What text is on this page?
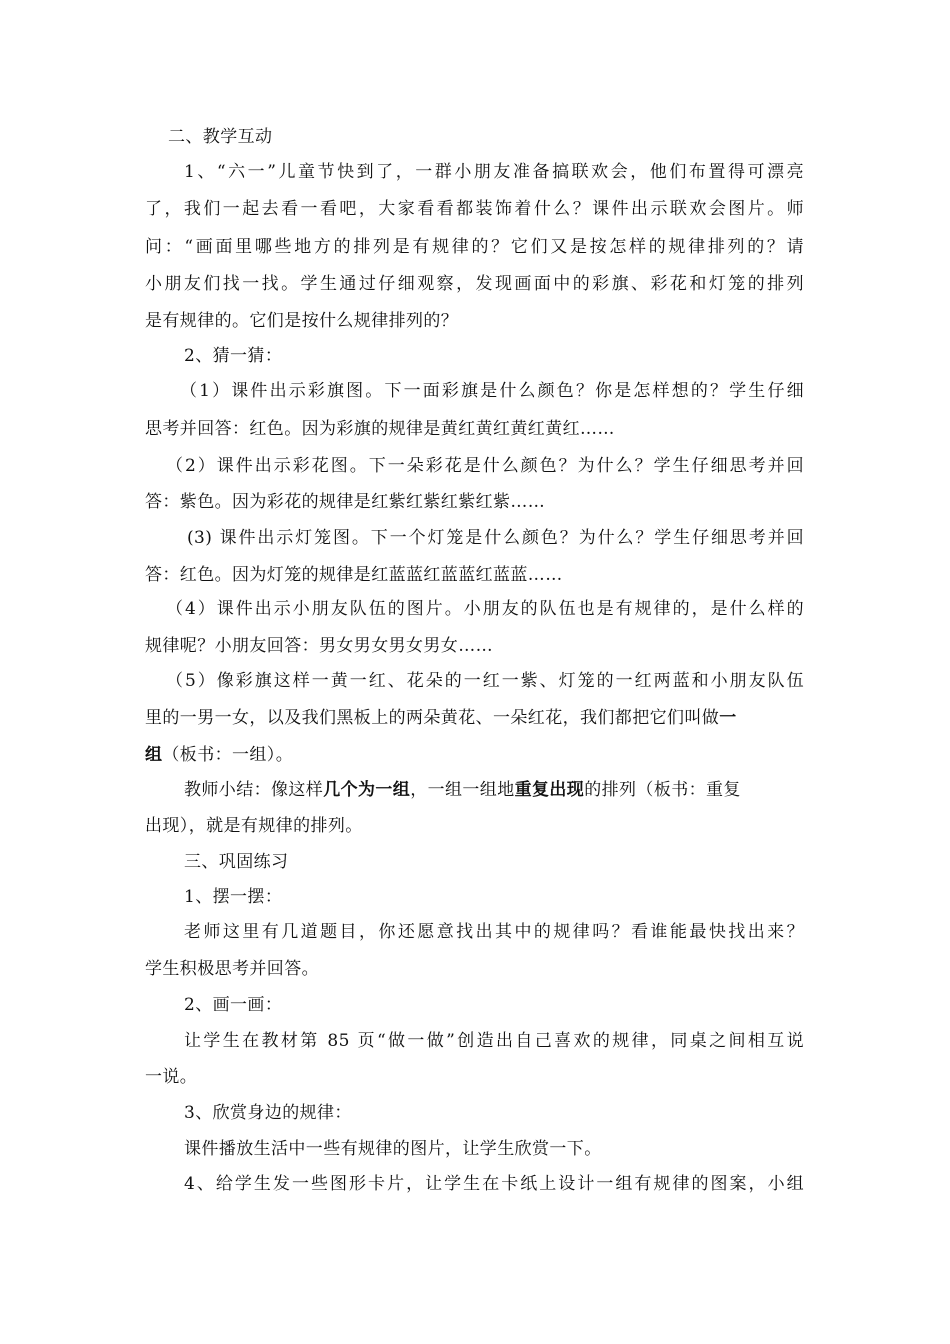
二、教学互动
1、“六一”儿童节快到了，一群小朋友准备搞联欢会，他们布置得可漂亮
了，我们一起去看一看吧，大家看看都装饰着什么？课件出示联欢会图片。师
问：“画面里哪些地方的排列是有规律的？它们又是按怎样的规律排列的？请
小朋友们找一找。学生通过仔细观察，发现画面中的彩旗、彩花和灯笼的排列
是有规律的。它们是按什么规律排列的？
2、猜一猜：
（1）课件出示彩旗图。下一面彩旗是什么颜色？你是怎样想的？学生仔细
思考并回答：红色。因为彩旗的规律是黄红黄红黄红黄红……
（2）课件出示彩花图。下一朵彩花是什么颜色？为什么？学生仔细思考并回
答：紫色。因为彩花的规律是红紫红紫红紫红紫……
(3) 课件出示灯笼图。下一个灯笼是什么颜色？为什么？学生仔细思考并回
答：红色。因为灯笼的规律是红蓝蓝红蓝蓝红蓝蓝……
（4）课件出示小朋友队伍的图片。小朋友的队伍也是有规律的，是什么样的
规律呢？小朋友回答：男女男女男女男女……
（5）像彩旗这样一黄一红、花朵的一红一紫、灯笼的一红两蓝和小朋友队伍
里的一男一女，以及我们黑板上的两朵黄花、一朵红花，我们都把它们叫做一
组（板书：一组）。
教师小结：像这样几个为一组，一组一组地重复出现的排列（板书：重复
出现），就是有规律的排列。
三、巩固练习
1、摆一摆：
老师这里有几道题目，你还愿意找出其中的规律吗？看谁能最快找出来？
学生积极思考并回答。
2、画一画：
让学生在教材第 85 页“做一做”创造出自己喜欢的规律，同桌之间相互说
一说。
3、欣赏身边的规律：
课件播放生活中一些有规律的图片，让学生欣赏一下。
4、给学生发一些图形卡片，让学生在卡纸上设计一组有规律的图案，小组
